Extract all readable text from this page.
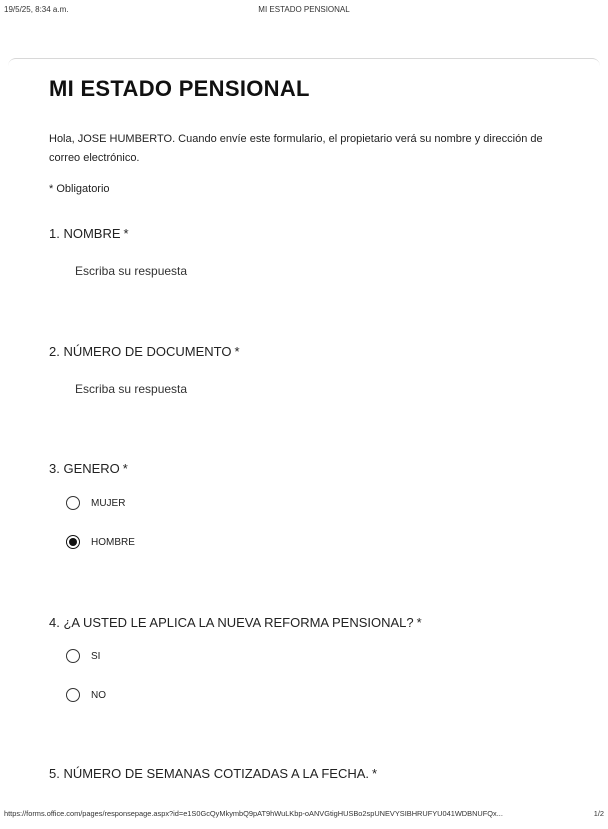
19/5/25, 8:34 a.m.	MI ESTADO PENSIONAL
MI ESTADO PENSIONAL
Hola, JOSE HUMBERTO. Cuando envíe este formulario, el propietario verá su nombre y dirección de correo electrónico.
* Obligatorio
1. NOMBRE *
Escriba su respuesta
2. NÚMERO DE DOCUMENTO *
Escriba su respuesta
3. GENERO *
MUJER
HOMBRE
4. ¿A USTED LE APLICA LA NUEVA REFORMA PENSIONAL? *
SI
NO
5. NÚMERO DE SEMANAS COTIZADAS A LA FECHA. *
https://forms.office.com/pages/responsepage.aspx?id=e1S0GcQyMkymbQ9pAT9hWuLKbp-oANVGtigHUSBo2spUNEVYSIBHRUFYU041WDBNUFQx...	1/2
